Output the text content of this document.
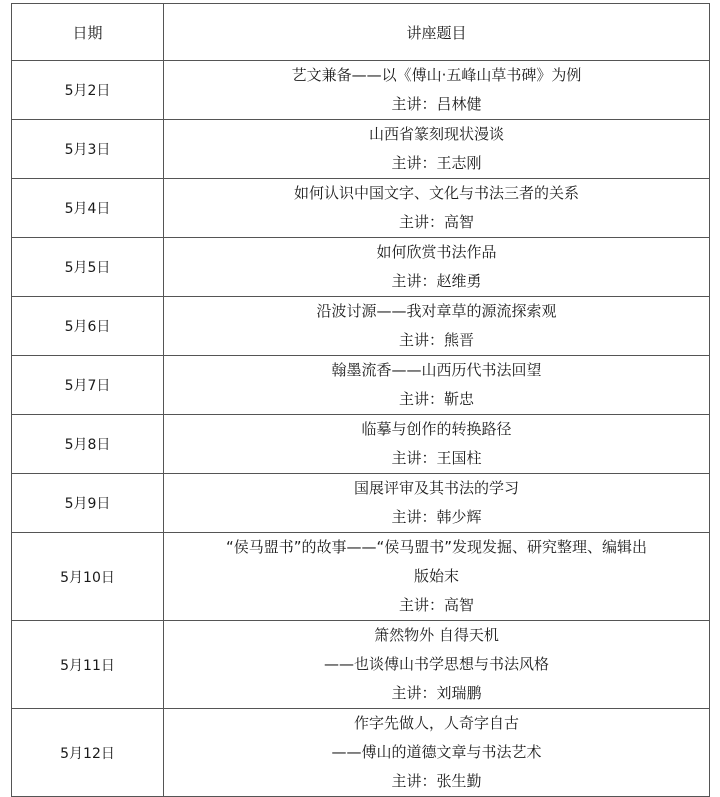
日期	讲座题目
5月2日	艺文兼备——以《傅山·五峰山草书碑》为例
主讲：吕林健

5月3日	山西省篆刻现状漫谈
主讲：王志刚

5月4日	如何认识中国文字、文化与书法三者的关系
主讲：高智

5月5日	如何欣赏书法作品
主讲：赵维勇

5月6日	沿波讨源——我对章草的源流探索观
主讲：熊晋

5月7日	翰墨流香——山西历代书法回望
主讲：靳忠

5月8日	临摹与创作的转换路径
主讲：王国柱

5月9日	国展评审及其书法的学习
主讲：韩少辉

5月10日	“侯马盟书”的故事——“侯马盟书”发现发掘、研究整理、编辑出
版始末
主讲：高智

5月11日	箫然物外 自得天机
——也谈傅山书学思想与书法风格
主讲：刘瑞鹏

5月12日	作字先做人，人奇字自古
——傅山的道德文章与书法艺术
主讲：张生勤
